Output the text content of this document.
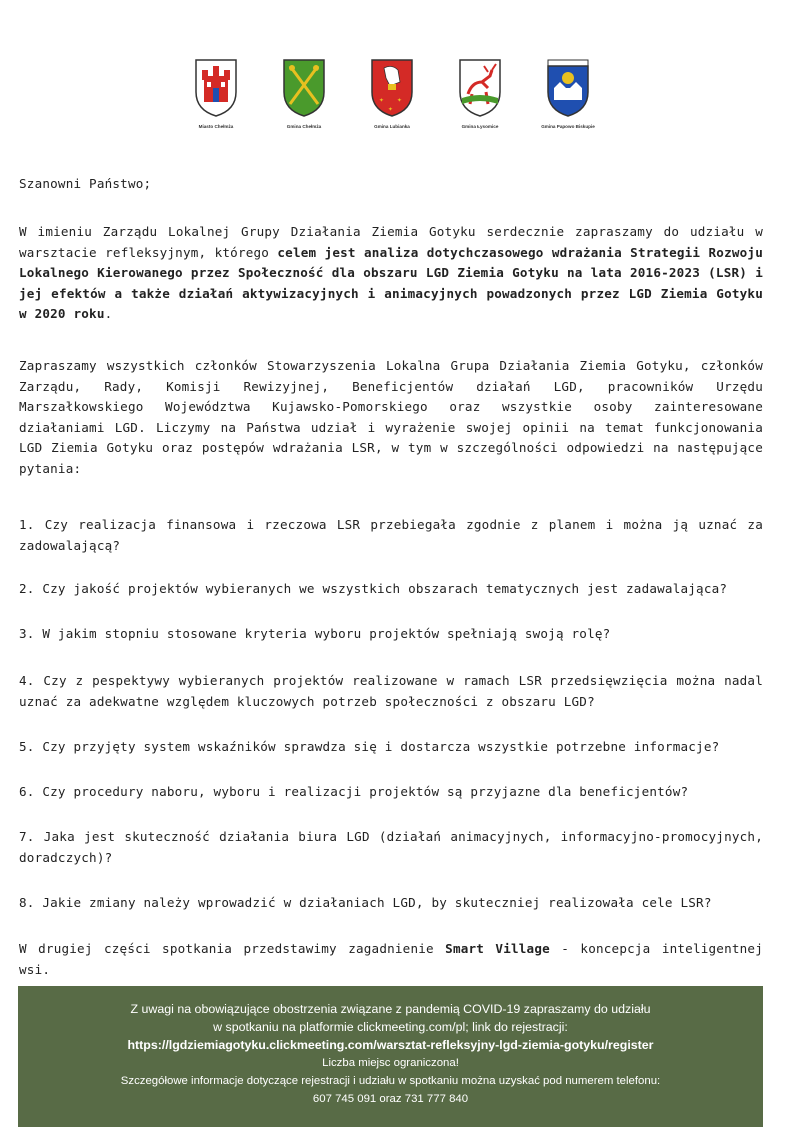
Miasto Chełmża	Gmina Chełmża
✦ ✦
✦
Gmina Lubianka	Gmina Łysomice	Gmina Papowo Biskupie
Szanowni Państwo;
W imieniu Zarządu Lokalnej Grupy Działania Ziemia Gotyku serdecznie zapraszamy do udziału w warsztacie refleksyjnym, którego celem jest analiza dotychczasowego wdrażania Strategii Rozwoju Lokalnego Kierowanego przez Społeczność dla obszaru LGD Ziemia Gotyku na lata 2016-2023 (LSR) i jej efektów a także działań aktywizacyjnych i animacyjnych powadzonych przez LGD Ziemia Gotyku w 2020 roku.
Zapraszamy wszystkich członków Stowarzyszenia Lokalna Grupa Działania Ziemia Gotyku, członków Zarządu, Rady, Komisji Rewizyjnej, Beneficjentów działań LGD, pracowników Urzędu Marszałkowskiego Województwa Kujawsko-Pomorskiego oraz wszystkie osoby zainteresowane działaniami LGD. Liczymy na Państwa udział i wyrażenie swojej opinii na temat funkcjonowania LGD Ziemia Gotyku oraz postępów wdrażania LSR, w tym w szczególności odpowiedzi na następujące pytania:
1. Czy realizacja finansowa i rzeczowa LSR przebiegała zgodnie z planem i można ją uznać za zadowalającą?
2. Czy jakość projektów wybieranych we wszystkich obszarach tematycznych jest zadawalająca?
3. W jakim stopniu stosowane kryteria wyboru projektów spełniają swoją rolę?
4. Czy z pespektywy wybieranych projektów realizowane w ramach LSR przedsięwzięcia można nadal uznać za adekwatne względem kluczowych potrzeb społeczności z obszaru LGD?
5. Czy przyjęty system wskaźników sprawdza się i dostarcza wszystkie potrzebne informacje?
6. Czy procedury naboru, wyboru i realizacji projektów są przyjazne dla beneficjentów?
7. Jaka jest skuteczność działania biura LGD (działań animacyjnych, informacyjno-promocyjnych, doradczych)?
8. Jakie zmiany należy wprowadzić w działaniach LGD, by skuteczniej realizowała cele LSR?
W drugiej części spotkania przedstawimy zagadnienie Smart Village - koncepcja inteligentnej wsi.
Z uwagi na obowiązujące obostrzenia związane z pandemią COVID-19 zapraszamy do udziału
w spotkaniu na platformie clickmeeting.com/pl; link do rejestracji:
https://lgdziemiagotyku.clickmeeting.com/warsztat-refleksyjny-lgd-ziemia-gotyku/register
Liczba miejsc ograniczona!
Szczegółowe informacje dotyczące rejestracji i udziału w spotkaniu można uzyskać pod numerem telefonu:
607 745 091 oraz 731 777 840
